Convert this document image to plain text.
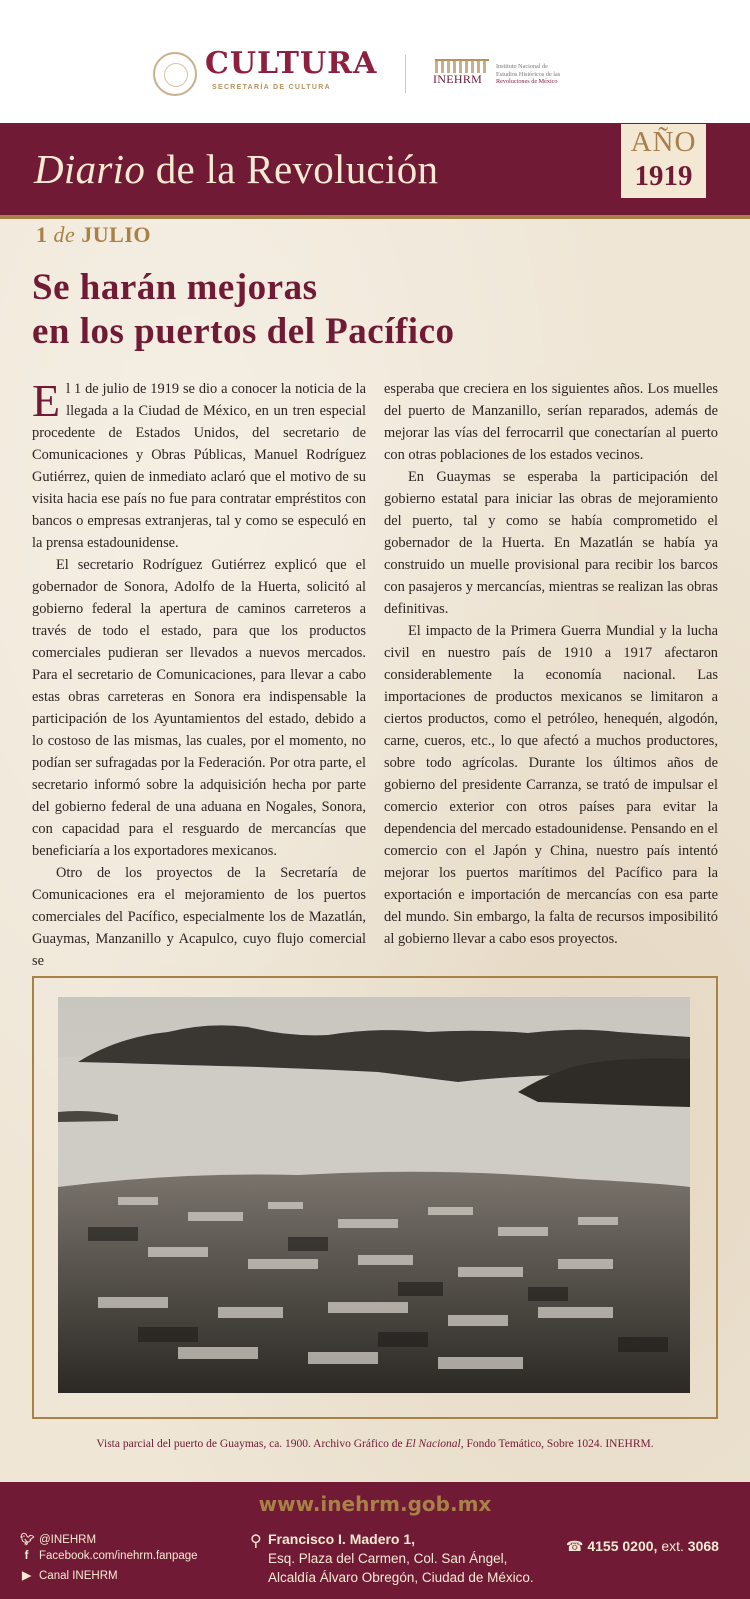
CULTURA
SECRETARÍA DE CULTURA
INEHRM
Instituto Nacional de
Estudios Históricos de las
Revoluciones de México
Diario de la Revolución
AÑO
1919
1 de JULIO
Se harán mejoras
en los puertos del Pacífico

El 1 de julio de 1919 se dio a conocer la noticia de la llegada a la Ciudad de México, en un tren especial procedente de Estados Unidos, del secretario de Comunicaciones y Obras Públicas, Manuel Rodríguez Gutiérrez, quien de inmediato aclaró que el motivo de su visita hacia ese país no fue para contratar empréstitos con bancos o empresas extranjeras, tal y como se especuló en la prensa estadounidense.

El secretario Rodríguez Gutiérrez explicó que el gobernador de Sonora, Adolfo de la Huerta, solicitó al gobierno federal la apertura de caminos carreteros a través de todo el estado, para que los productos comerciales pudieran ser llevados a nuevos mercados. Para el secretario de Comunicaciones, para llevar a cabo estas obras carreteras en Sonora era indispensable la participación de los Ayuntamientos del estado, debido a lo costoso de las mismas, las cuales, por el momento, no podían ser sufragadas por la Federación. Por otra parte, el secretario informó sobre la adquisición hecha por parte del gobierno federal de una aduana en Nogales, Sonora, con capacidad para el resguardo de mercancías que beneficiaría a los exportadores mexicanos.

Otro de los proyectos de la Secretaría de Comunicaciones era el mejoramiento de los puertos comerciales del Pacífico, especialmente los de Mazatlán, Guaymas, Manzanillo y Acapulco, cuyo flujo comercial se

esperaba que creciera en los siguientes años. Los muelles del puerto de Manzanillo, serían reparados, además de mejorar las vías del ferrocarril que conectarían al puerto con otras poblaciones de los estados vecinos.

En Guaymas se esperaba la participación del gobierno estatal para iniciar las obras de mejoramiento del puerto, tal y como se había comprometido el gobernador de la Huerta. En Mazatlán se había ya construido un muelle provisional para recibir los barcos con pasajeros y mercancías, mientras se realizan las obras definitivas.

El impacto de la Primera Guerra Mundial y la lucha civil en nuestro país de 1910 a 1917 afectaron considerablemente la economía nacional. Las importaciones de productos mexicanos se limitaron a ciertos productos, como el petróleo, henequén, algodón, carne, cueros, etc., lo que afectó a muchos productores, sobre todo agrícolas. Durante los últimos años de gobierno del presidente Carranza, se trató de impulsar el comercio exterior con otros países para evitar la dependencia del mercado estadounidense. Pensando en el comercio con el Japón y China, nuestro país intentó mejorar los puertos marítimos del Pacífico para la exportación e importación de mercancías con esa parte del mundo. Sin embargo, la falta de recursos imposibilitó al gobierno llevar a cabo esos proyectos.

Vista parcial del puerto de Guaymas, ca. 1900. Archivo Gráfico de El Nacional, Fondo Temático, Sobre 1024. INEHRM.
www.inehrm.gob.mx
🐦︎ @INEHRM
f Facebook.com/inehrm.fanpage
▶ Canal INEHRM
⚲ Francisco I. Madero 1,
Esq. Plaza del Carmen, Col. San Ángel,
Alcaldía Álvaro Obregón, Ciudad de México.
☎ 4155 0200, ext. 3068
